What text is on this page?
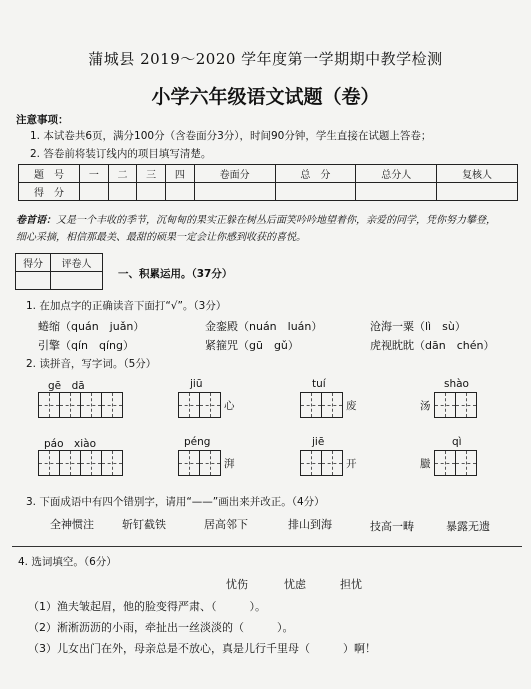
蒲城县 2019～2020 学年度第一学期期中教学检测
小学六年级语文试题（卷）
注意事项：
1. 本试卷共6页，满分100分（含卷面分3分），时间90分钟，学生直接在试题上答卷；
2. 答卷前将装订线内的项目填写清楚。
题　号	一	二	三	四	卷面分	总　分	总分人	复核人
得　分								
卷首语：又是一个丰收的季节，沉甸甸的果实正躲在树丛后面笑吟吟地望着你，亲爱的同学，凭你努力攀登，
细心采摘，相信那最美、最甜的硕果一定会让你感到收获的喜悦。
得分	评卷人

一、积累运用。（37分）
1. 在加点字的正确读音下面打“√”。（3分）
蜷缩（quán　juǎn）	金銮殿（nuán　luán）	沧海一粟（lì　sù）
引擎（qín　qíng）	紧箍咒（gū　gǔ）	虎视眈眈（dān　chén）
2. 读拼音，写字词。（5分）
gē　dā	jiū
心
tuí
废
shào
汤
páo　xiào	péng
湃
jiē
开
qì
臌
3. 下面成语中有四个错别字，请用“——”画出来并改正。（4分）
全神惯注	斩钉截铁	居高邻下	排山到海	技高一畴	暴露无遗
4. 选词填空。（6分）
忧伤	忧虑	担忧
（1）渔夫皱起眉，他的脸变得严肃、（　　　）。
（2）淅淅沥沥的小雨，牵扯出一丝淡淡的（　　　）。
（3）儿女出门在外，母亲总是不放心，真是儿行千里母（　　　）啊！
